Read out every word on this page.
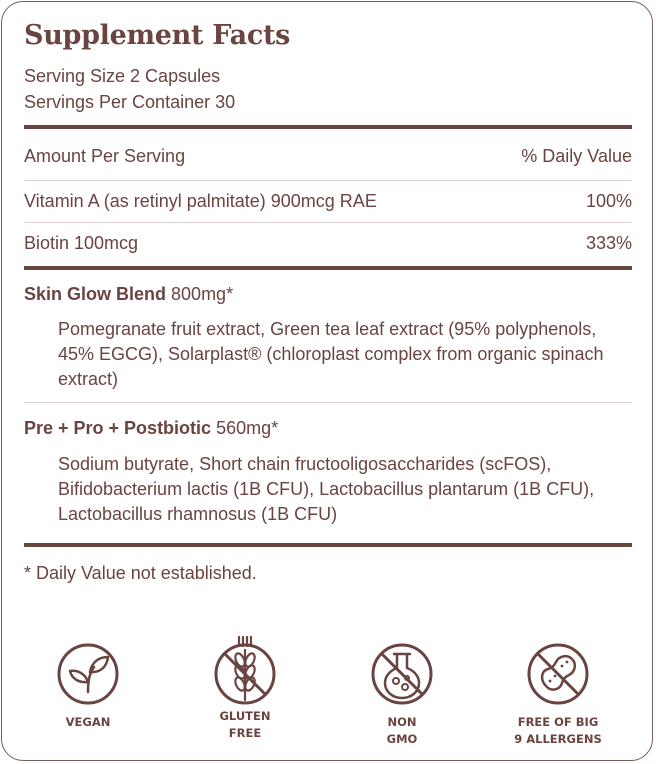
Supplement Facts
Serving Size 2 Capsules
Servings Per Container 30
Amount Per Serving	% Daily Value
Vitamin A (as retinyl palmitate) 900mcg RAE	100%
Biotin 100mcg	333%
Skin Glow Blend 800mg*
Pomegranate fruit extract, Green tea leaf extract (95% polyphenols, 45% EGCG), Solarplast® (chloroplast complex from organic spinach extract)
Pre + Pro + Postbiotic 560mg*
Sodium butyrate, Short chain fructooligosaccharides (scFOS), Bifidobacterium lactis (1B CFU), Lactobacillus plantarum (1B CFU), Lactobacillus rhamnosus (1B CFU)
* Daily Value not established.
VEGAN	GLUTEN
FREE
NON
GMO
FREE OF BIG
9 ALLERGENS
